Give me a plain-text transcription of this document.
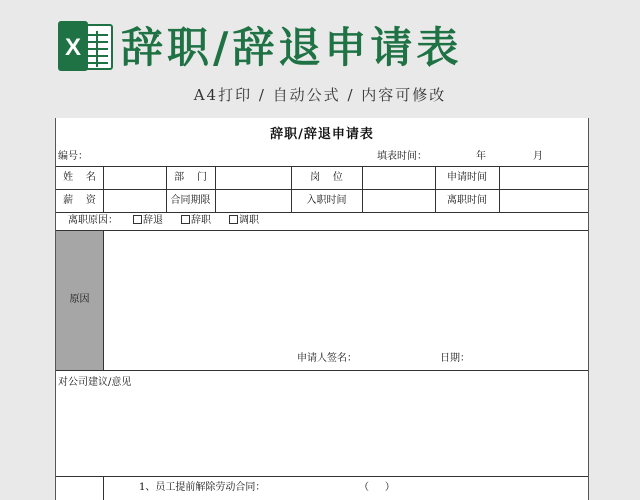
X 辞职/辞退申请表
A4打印 / 自动公式 / 内容可修改
辞职/辞退申请表
编号：	填表时间：	年	月
姓    名	部    门	岗    位	申请时间
薪    资	合同期限	入职时间	离职时间
离职原因：	辞退	辞职	调职
原因
申请人签名：	日期：
对公司建议/意见
1、员工提前解除劳动合同：	（     ）
